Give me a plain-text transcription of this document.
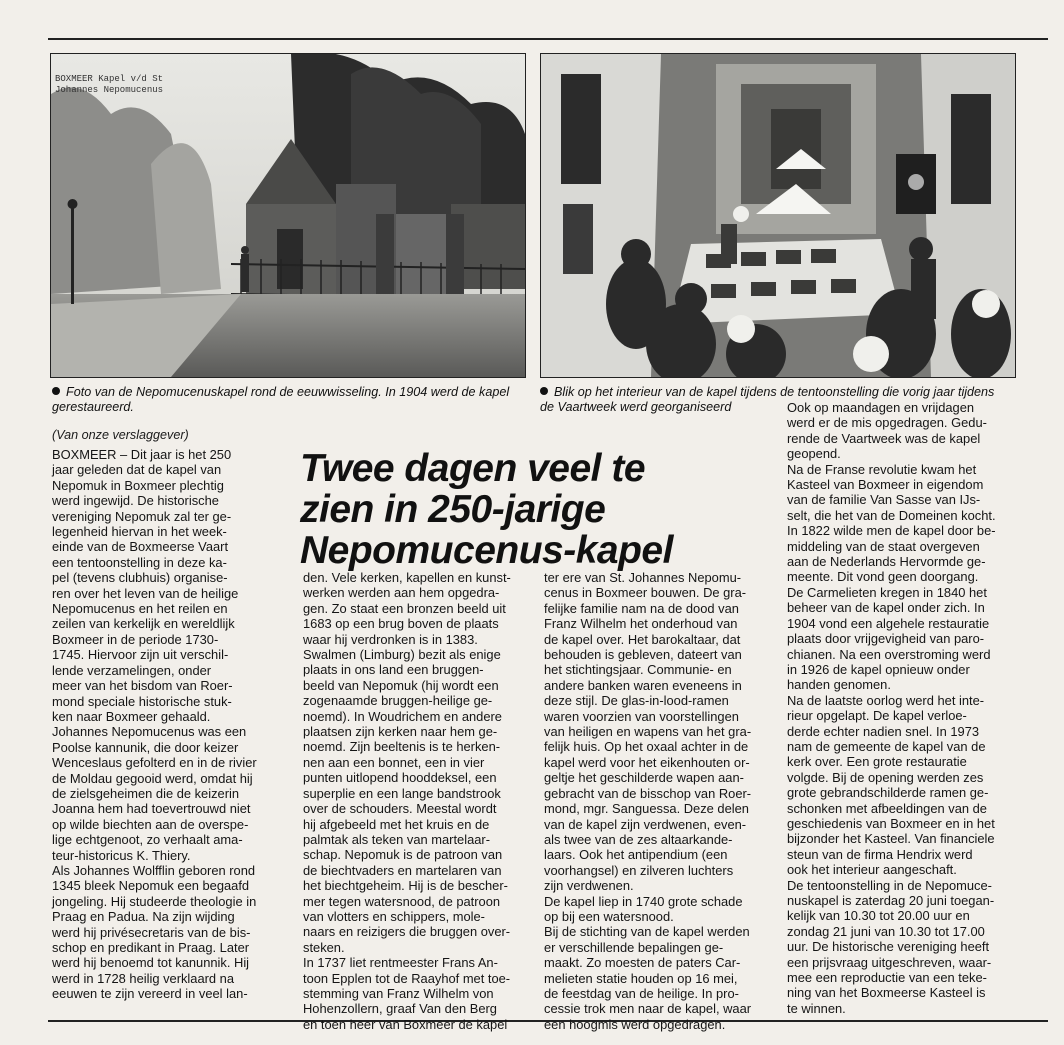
BOXMEER Kapel v/d St
Johannes Nepomucenus
Foto van de Nepomucenuskapel rond de eeuwwisseling. In 1904 werd de kapel gerestaureerd.
Blik op het interieur van de kapel tijdens de tentoonstelling die vorig jaar tijdens de Vaartweek werd georganiseerd
(Van onze verslaggever)
Twee dagen veel te
zien in 250-jarige
Nepomucenus-kapel

BOXMEER – Dit jaar is het 250

jaar geleden dat de kapel van

Nepomuk in Boxmeer plechtig

werd ingewijd. De historische

vereniging Nepomuk zal ter ge-

legenheid hiervan in het week-

einde van de Boxmeerse Vaart

een tentoonstelling in deze ka-

pel (tevens clubhuis) organise-

ren over het leven van de heilige

Nepomucenus en het reilen en

zeilen van kerkelijk en wereldlijk

Boxmeer in de periode 1730-

1745. Hiervoor zijn uit verschil-

lende verzamelingen, onder

meer van het bisdom van Roer-

mond speciale historische stuk-

ken naar Boxmeer gehaald.

Johannes Nepomucenus was een

Poolse kannunik, die door keizer

Wenceslaus gefolterd en in de rivier

de Moldau gegooid werd, omdat hij

de zielsgeheimen die de keizerin

Joanna hem had toevertrouwd niet

op wilde biechten aan de overspe-

lige echtgenoot, zo verhaalt ama-

teur-historicus K. Thiery.

Als Johannes Wolfflin geboren rond

1345 bleek Nepomuk een begaafd

jongeling. Hij studeerde theologie in

Praag en Padua. Na zijn wijding

werd hij privésecretaris van de bis-

schop en predikant in Praag. Later

werd hij benoemd tot kanunnik. Hij

werd in 1728 heilig verklaard na

eeuwen te zijn vereerd in veel lan-

den. Vele kerken, kapellen en kunst-

werken werden aan hem opgedra-

gen. Zo staat een bronzen beeld uit

1683 op een brug boven de plaats

waar hij verdronken is in 1383.

Swalmen (Limburg) bezit als enige

plaats in ons land een bruggen-

beeld van Nepomuk (hij wordt een

zogenaamde bruggen-heilige ge-

noemd). In Woudrichem en andere

plaatsen zijn kerken naar hem ge-

noemd. Zijn beeltenis is te herken-

nen aan een bonnet, een in vier

punten uitlopend hooddeksel, een

superplie en een lange bandstrook

over de schouders. Meestal wordt

hij afgebeeld met het kruis en de

palmtak als teken van martelaar-

schap. Nepomuk is de patroon van

de biechtvaders en martelaren van

het biechtgeheim. Hij is de bescher-

mer tegen watersnood, de patroon

van vlotters en schippers, mole-

naars en reizigers die bruggen over-

steken.

In 1737 liet rentmeester Frans An-

toon Epplen tot de Raayhof met toe-

stemming van Franz Wilhelm von

Hohenzollern, graaf Van den Berg

en toen heer van Boxmeer de kapel

ter ere van St. Johannes Nepomu-

cenus in Boxmeer bouwen. De gra-

felijke familie nam na de dood van

Franz Wilhelm het onderhoud van

de kapel over. Het barokaltaar, dat

behouden is gebleven, dateert van

het stichtingsjaar. Communie- en

andere banken waren eveneens in

deze stijl. De glas-in-lood-ramen

waren voorzien van voorstellingen

van heiligen en wapens van het gra-

felijk huis. Op het oxaal achter in de

kapel werd voor het eikenhouten or-

geltje het geschilderde wapen aan-

gebracht van de bisschop van Roer-

mond, mgr. Sanguessa. Deze delen

van de kapel zijn verdwenen, even-

als twee van de zes altaarkande-

laars. Ook het antipendium (een

voorhangsel) en zilveren luchters

zijn verdwenen.

De kapel liep in 1740 grote schade

op bij een watersnood.

Bij de stichting van de kapel werden

er verschillende bepalingen ge-

maakt. Zo moesten de paters Car-

melieten statie houden op 16 mei,

de feestdag van de heilige. In pro-

cessie trok men naar de kapel, waar

een hoogmis werd opgedragen.

Ook op maandagen en vrijdagen

werd er de mis opgedragen. Gedu-

rende de Vaartweek was de kapel

geopend.

Na de Franse revolutie kwam het

Kasteel van Boxmeer in eigendom

van de familie Van Sasse van IJs-

selt, die het van de Domeinen kocht.

In 1822 wilde men de kapel door be-

middeling van de staat overgeven

aan de Nederlands Hervormde ge-

meente. Dit vond geen doorgang.

De Carmelieten kregen in 1840 het

beheer van de kapel onder zich. In

1904 vond een algehele restauratie

plaats door vrijgevigheid van paro-

chianen. Na een overstroming werd

in 1926 de kapel opnieuw onder

handen genomen.

Na de laatste oorlog werd het inte-

rieur opgelapt. De kapel verloe-

derde echter nadien snel. In 1973

nam de gemeente de kapel van de

kerk over. Een grote restauratie

volgde. Bij de opening werden zes

grote gebrandschilderde ramen ge-

schonken met afbeeldingen van de

geschiedenis van Boxmeer en in het

bijzonder het Kasteel. Van financiele

steun van de firma Hendrix werd

ook het interieur aangeschaft.

De tentoonstelling in de Nepomuce-

nuskapel is zaterdag 20 juni toegan-

kelijk van 10.30 tot 20.00 uur en

zondag 21 juni van 10.30 tot 17.00

uur. De historische vereniging heeft

een prijsvraag uitgeschreven, waar-

mee een reproductie van een teke-

ning van het Boxmeerse Kasteel is

te winnen.
